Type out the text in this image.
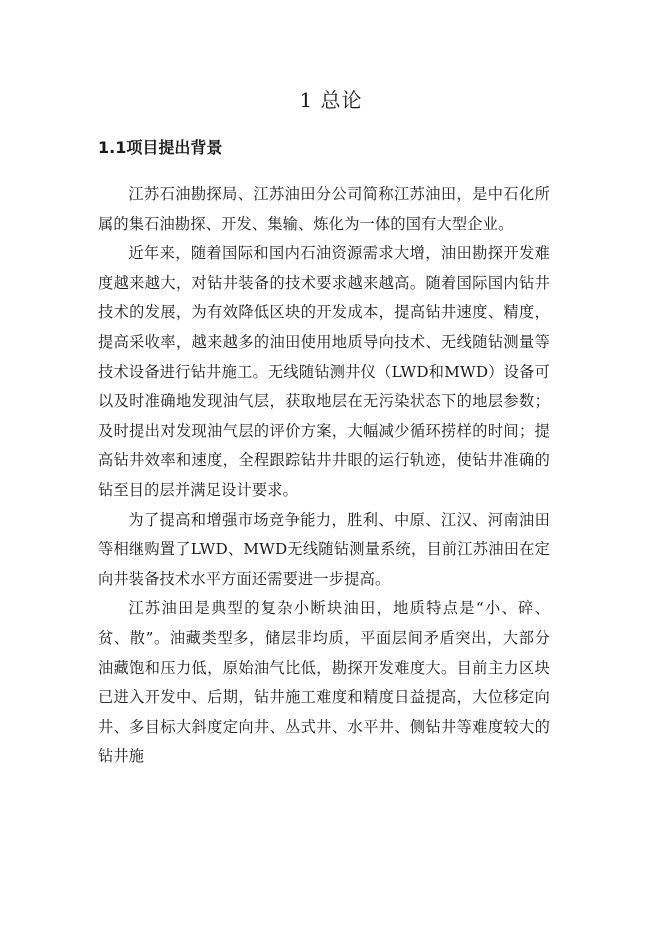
1 总论
1.1项目提出背景

江苏石油勘探局、江苏油田分公司简称江苏油田，是中石化所属的集石油勘探、开发、集输、炼化为一体的国有大型企业。

近年来，随着国际和国内石油资源需求大增，油田勘探开发难度越来越大，对钻井装备的技术要求越来越高。随着国际国内钻井技术的发展，为有效降低区块的开发成本，提高钻井速度、精度，提高采收率，越来越多的油田使用地质导向技术、无线随钻测量等技术设备进行钻井施工。无线随钻测井仪（LWD和MWD）设备可以及时准确地发现油气层，获取地层在无污染状态下的地层参数；及时提出对发现油气层的评价方案，大幅减少循环捞样的时间；提高钻井效率和速度，全程跟踪钻井井眼的运行轨迹，使钻井准确的钻至目的层并满足设计要求。

为了提高和增强市场竞争能力，胜利、中原、江汉、河南油田等相继购置了LWD、MWD无线随钻测量系统，目前江苏油田在定向井装备技术水平方面还需要进一步提高。

江苏油田是典型的复杂小断块油田，地质特点是“小、碎、贫、散”。油藏类型多，储层非均质，平面层间矛盾突出，大部分油藏饱和压力低，原始油气比低，勘探开发难度大。目前主力区块已进入开发中、后期，钻井施工难度和精度日益提高，大位移定向井、多目标大斜度定向井、丛式井、水平井、侧钻井等难度较大的钻井施
